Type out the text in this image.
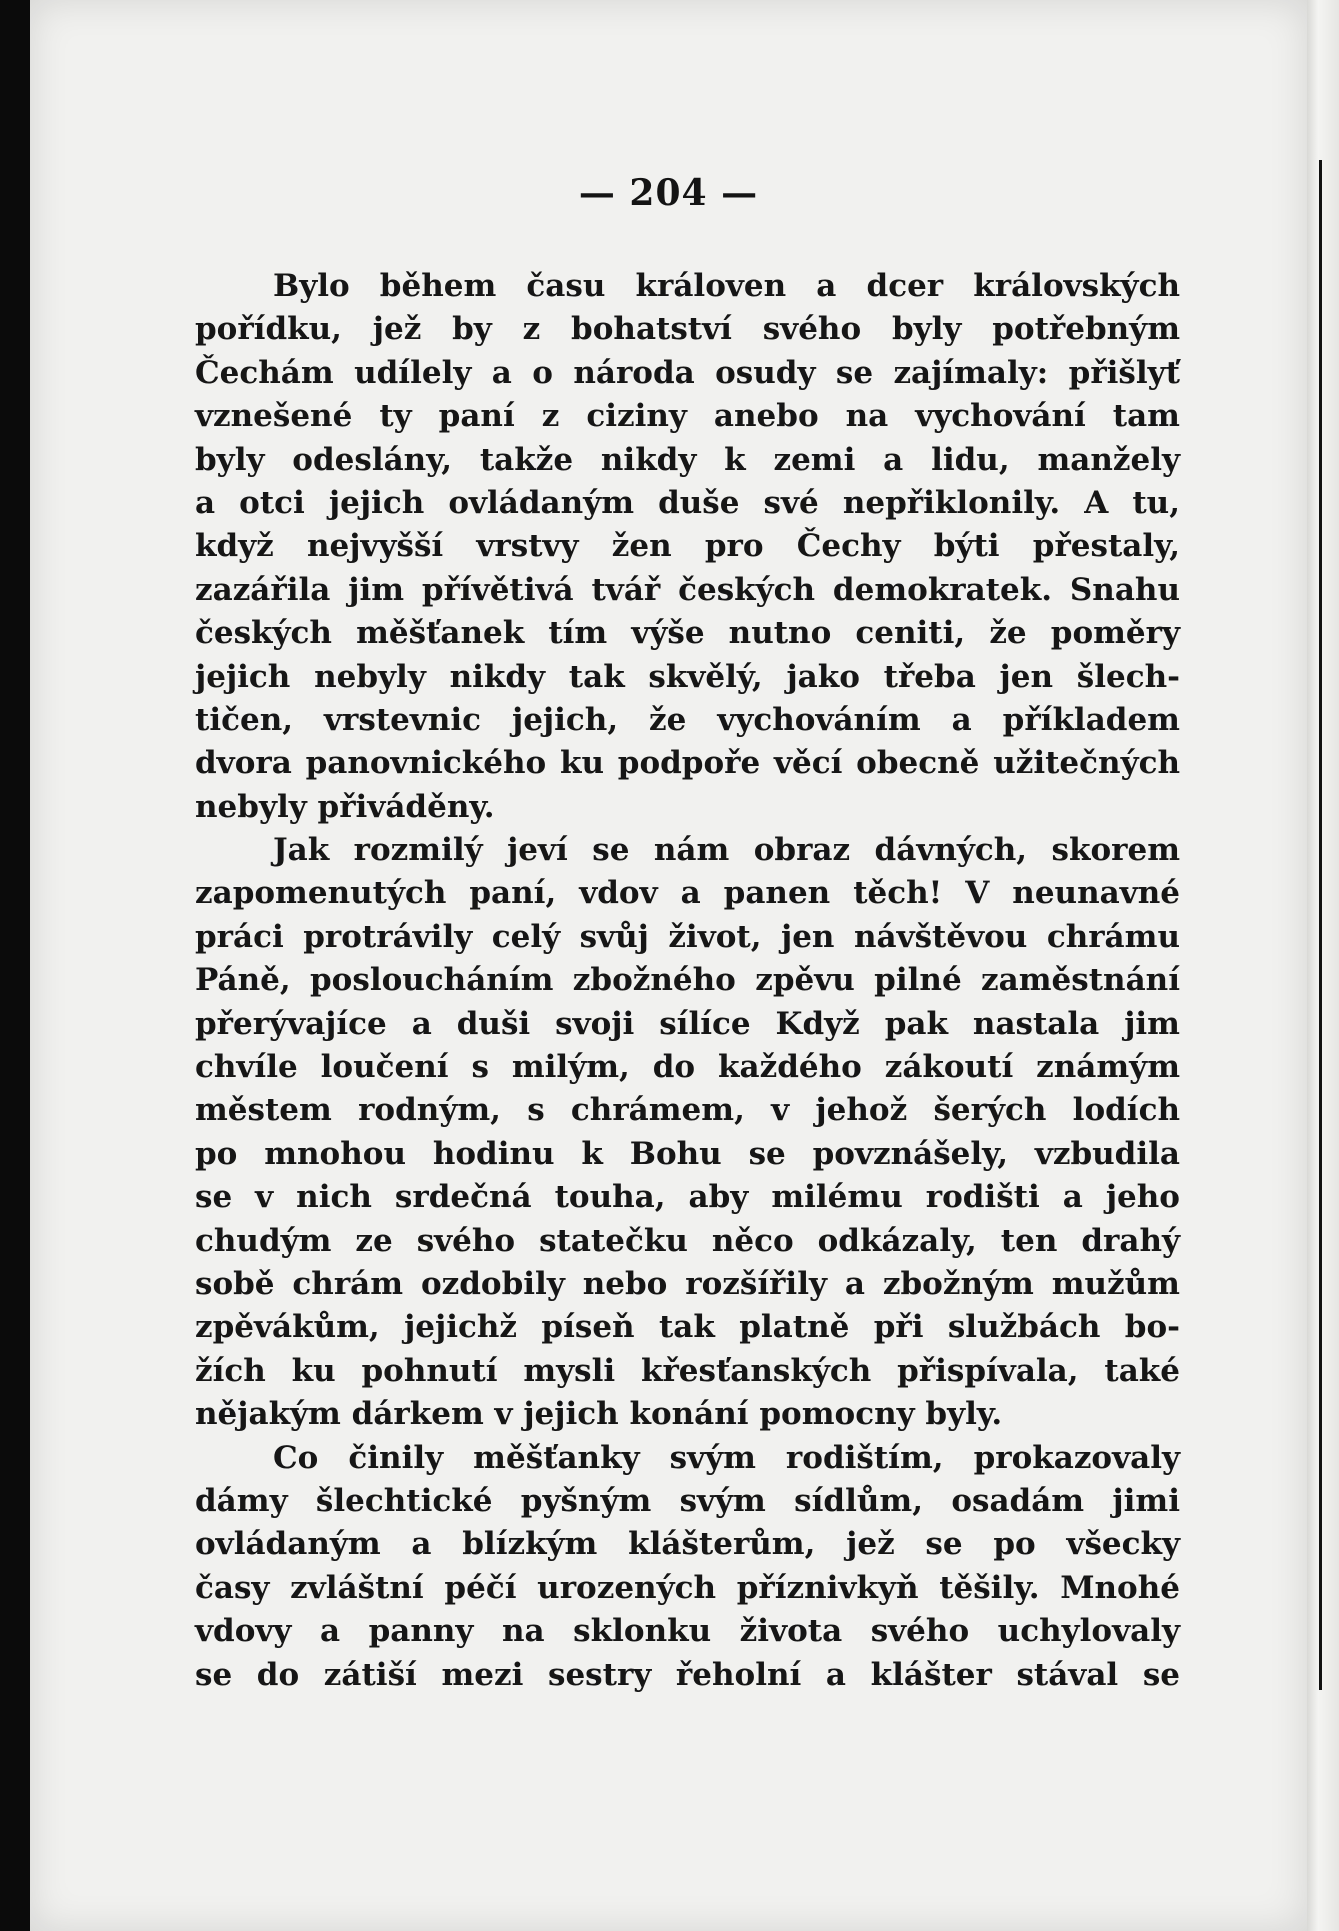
— 204 —
Bylo během času královen a dcer královských
pořídku, jež by z bohatství svého byly potřebným
Čechám udílely a o národa osudy se zajímaly: přišlyť
vznešené ty paní z ciziny anebo na vychování tam
byly odeslány, takže nikdy k zemi a lidu, manžely
a otci jejich ovládaným duše své nepřiklonily. A tu,
když nejvyšší vrstvy žen pro Čechy býti přestaly,
zazářila jim přívětivá tvář českých demokratek. Snahu
českých měšťanek tím výše nutno ceniti, že poměry
jejich nebyly nikdy tak skvělý, jako třeba jen šlech-
tičen, vrstevnic jejich, že vychováním a příkladem
dvora panovnického ku podpoře věcí obecně užitečných
nebyly přiváděny.
Jak rozmilý jeví se nám obraz dávných, skorem
zapomenutých paní, vdov a panen těch! V neunavné
práci protrávily celý svůj život, jen návštěvou chrámu
Páně, posloucháním zbožného zpěvu pilné zaměstnání
přerývajíce a duši svoji sílíce Když pak nastala jim
chvíle loučení s milým, do každého zákoutí známým
městem rodným, s chrámem, v jehož šerých lodích
po mnohou hodinu k Bohu se povznášely, vzbudila
se v nich srdečná touha, aby milému rodišti a jeho
chudým ze svého statečku něco odkázaly, ten drahý
sobě chrám ozdobily nebo rozšířily a zbožným mužům
zpěvákům, jejichž píseň tak platně při službách bo-
žích ku pohnutí mysli křesťanských přispívala, také
nějakým dárkem v jejich konání pomocny byly.
Co činily měšťanky svým rodištím, prokazovaly
dámy šlechtické pyšným svým sídlům, osadám jimi
ovládaným a blízkým klášterům, jež se po všecky
časy zvláštní péčí urozených příznivkyň těšily. Mnohé
vdovy a panny na sklonku života svého uchylovaly
se do zátiší mezi sestry řeholní a klášter stával se
